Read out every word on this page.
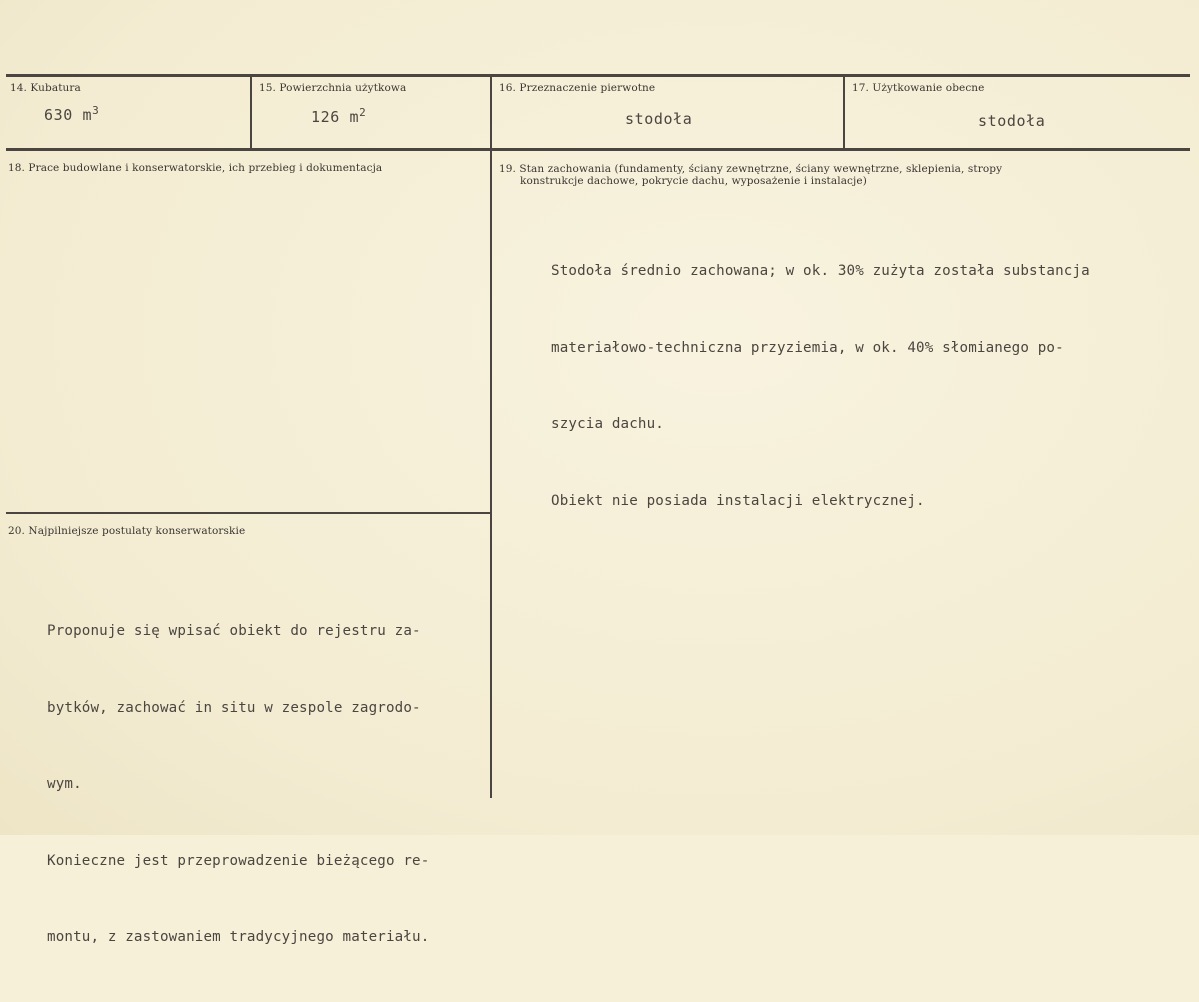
14. Kubatura
630 $m^3$
15. Powierzchnia użytkowa
126 $m^2$
16. Przeznaczenie pierwotne
stodoła
17. Użytkowanie obecne
stodoła
18. Prace budowlane i konserwatorskie, ich przebieg i dokumentacja	19. Stan zachowania (fundamenty, ściany zewnętrzne, ściany wewnętrzne, sklepienia, stropy
konstrukcje dachowe, pokrycie dachu, wyposażenie i instalacje)

Stodoła średnio zachowana; w ok. 30% zużyta została substancja

materiałowo-techniczna przyziemia, w ok. 40% słomianego po-

szycia dachu.

Obiekt nie posiada instalacji elektrycznej.

20. Najpilniejsze postulaty konserwatorskie

Proponuje się wpisać obiekt do rejestru za-

bytków, zachować in situ w zespole zagrodo-

wym.

Konieczne jest przeprowadzenie bieżącego re-

montu, z zastowaniem tradycyjnego materiału.
